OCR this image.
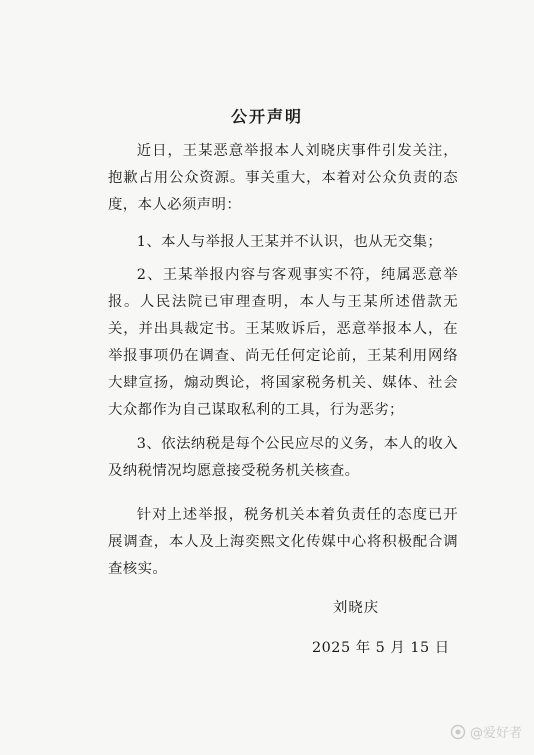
公开声明
近日，王某恶意举报本人刘晓庆事件引发关注，抱歉占用公众资源。事关重大，本着对公众负责的态度，本人必须声明：
1、本人与举报人王某并不认识，也从无交集；
2、王某举报内容与客观事实不符，纯属恶意举报。人民法院已审理查明，本人与王某所述借款无关，并出具裁定书。王某败诉后，恶意举报本人，在举报事项仍在调查、尚无任何定论前，王某利用网络大肆宣扬，煽动舆论，将国家税务机关、媒体、社会大众都作为自己谋取私利的工具，行为恶劣；
3、依法纳税是每个公民应尽的义务，本人的收入及纳税情况均愿意接受税务机关核查。
针对上述举报，税务机关本着负责任的态度已开展调查，本人及上海奕熙文化传媒中心将积极配合调查核实。
刘晓庆
2025 年 5 月 15 日
@爱好者
